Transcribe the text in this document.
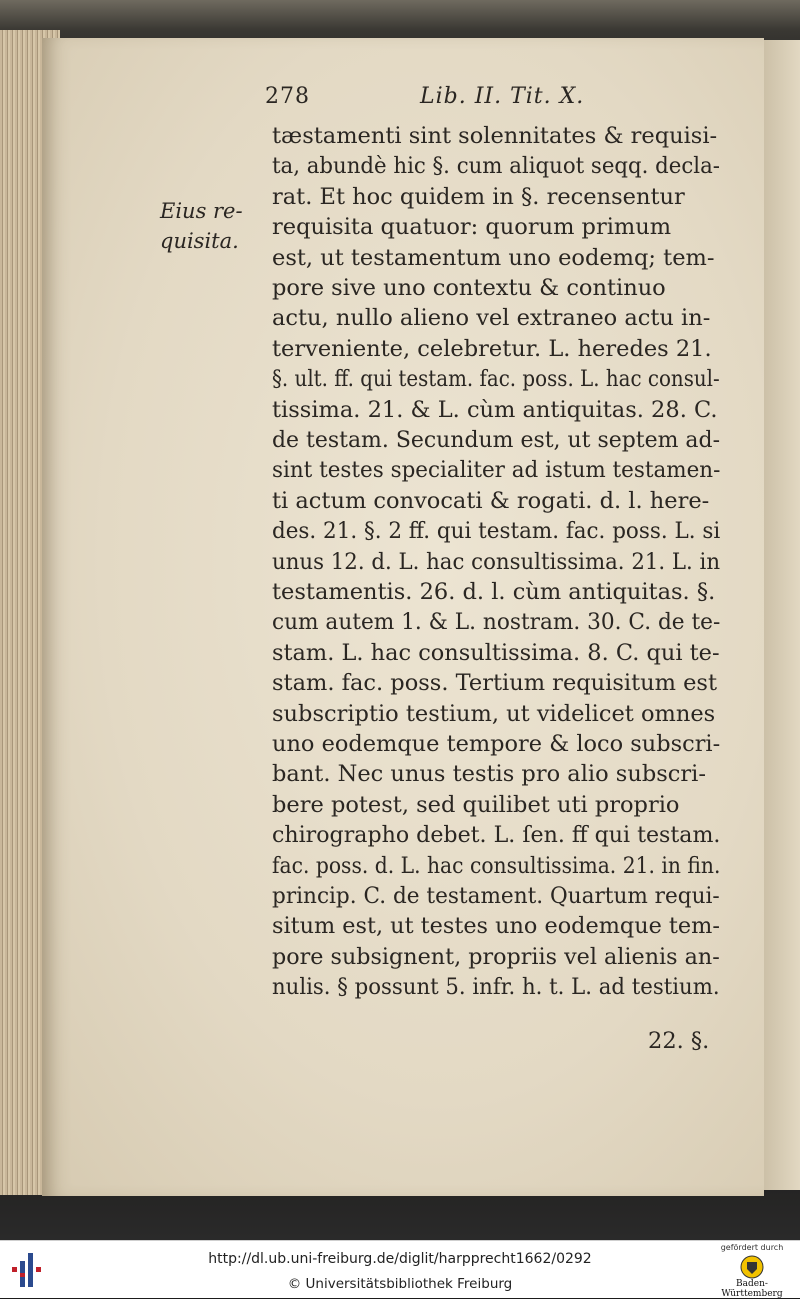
278	Lib. II. Tit. X.
Eius re-
quisita.
tæstamenti sint solennitates & requisi-
ta, abundè hic §. cum aliquot seqq. decla-
rat. Et hoc quidem in §. recensentur
requisita quatuor: quorum primum
est, ut testamentum uno eodemq; tem-
pore sive uno contextu & continuo
actu, nullo alieno vel extraneo actu in-
terveniente, celebretur. L. heredes 21.
§. ult. ff. qui testam. fac. poss. L. hac consul-
tissima. 21. & L. cùm antiquitas. 28. C.
de testam. Secundum est, ut septem ad-
sint testes specialiter ad istum testamen-
ti actum convocati & rogati. d. l. here-
des. 21. §. 2 ff. qui testam. fac. poss. L. si
unus 12. d. L. hac consultissima. 21. L. in
testamentis. 26. d. l. cùm antiquitas. §.
cum autem 1. & L. nostram. 30. C. de te-
stam. L. hac consultissima. 8. C. qui te-
stam. fac. poss. Tertium requisitum est
subscriptio testium, ut videlicet omnes
uno eodemque tempore & loco subscri-
bant. Nec unus testis pro alio subscri-
bere potest, sed quilibet uti proprio
chirographo debet. L. ſen. ff qui testam.
fac. poss. d. L. hac consultissima. 21. in fin.
princip. C. de testament. Quartum requi-
situm est, ut testes uno eodemque tem-
pore subsignent, propriis vel alienis an-
nulis. § possunt 5. infr. h. t. L. ad testium.
22. §.
http://dl.ub.uni-freiburg.de/diglit/harpprecht1662/0292
© Universitätsbibliothek Freiburg
gefördert durch
Baden-Württemberg
